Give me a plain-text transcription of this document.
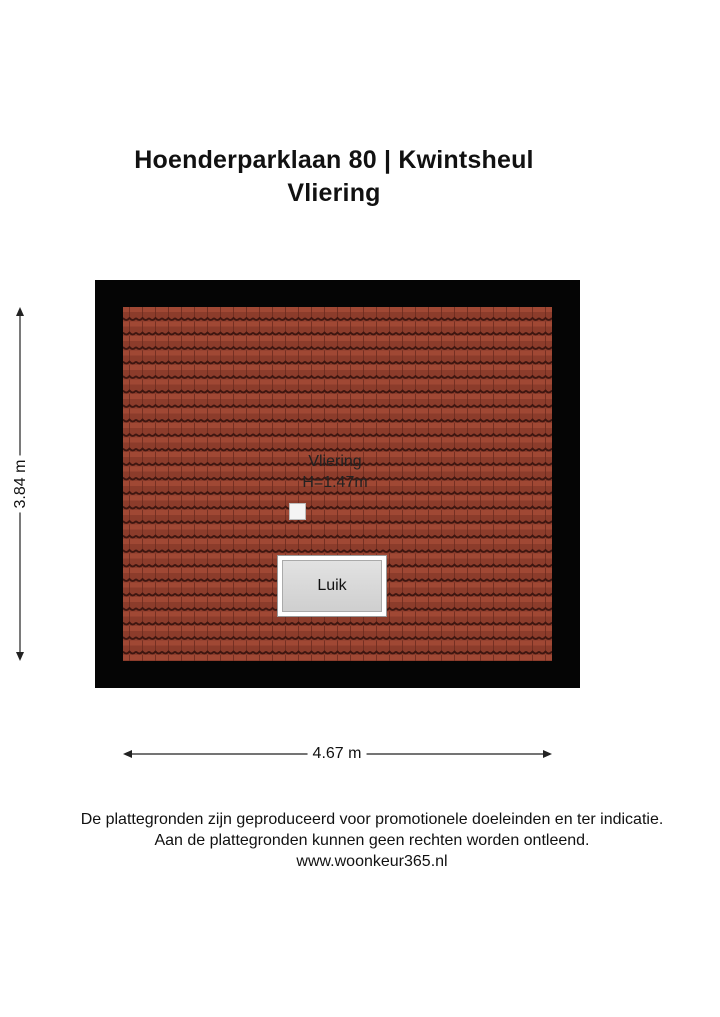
Hoenderparklaan 80 | Kwintsheul
Vliering
Vliering
H=1.47m
Luik
3.84 m
4.67 m
De plattegronden zijn geproduceerd voor promotionele doeleinden en ter indicatie.
Aan de plattegronden kunnen geen rechten worden ontleend.
www.woonkeur365.nl
